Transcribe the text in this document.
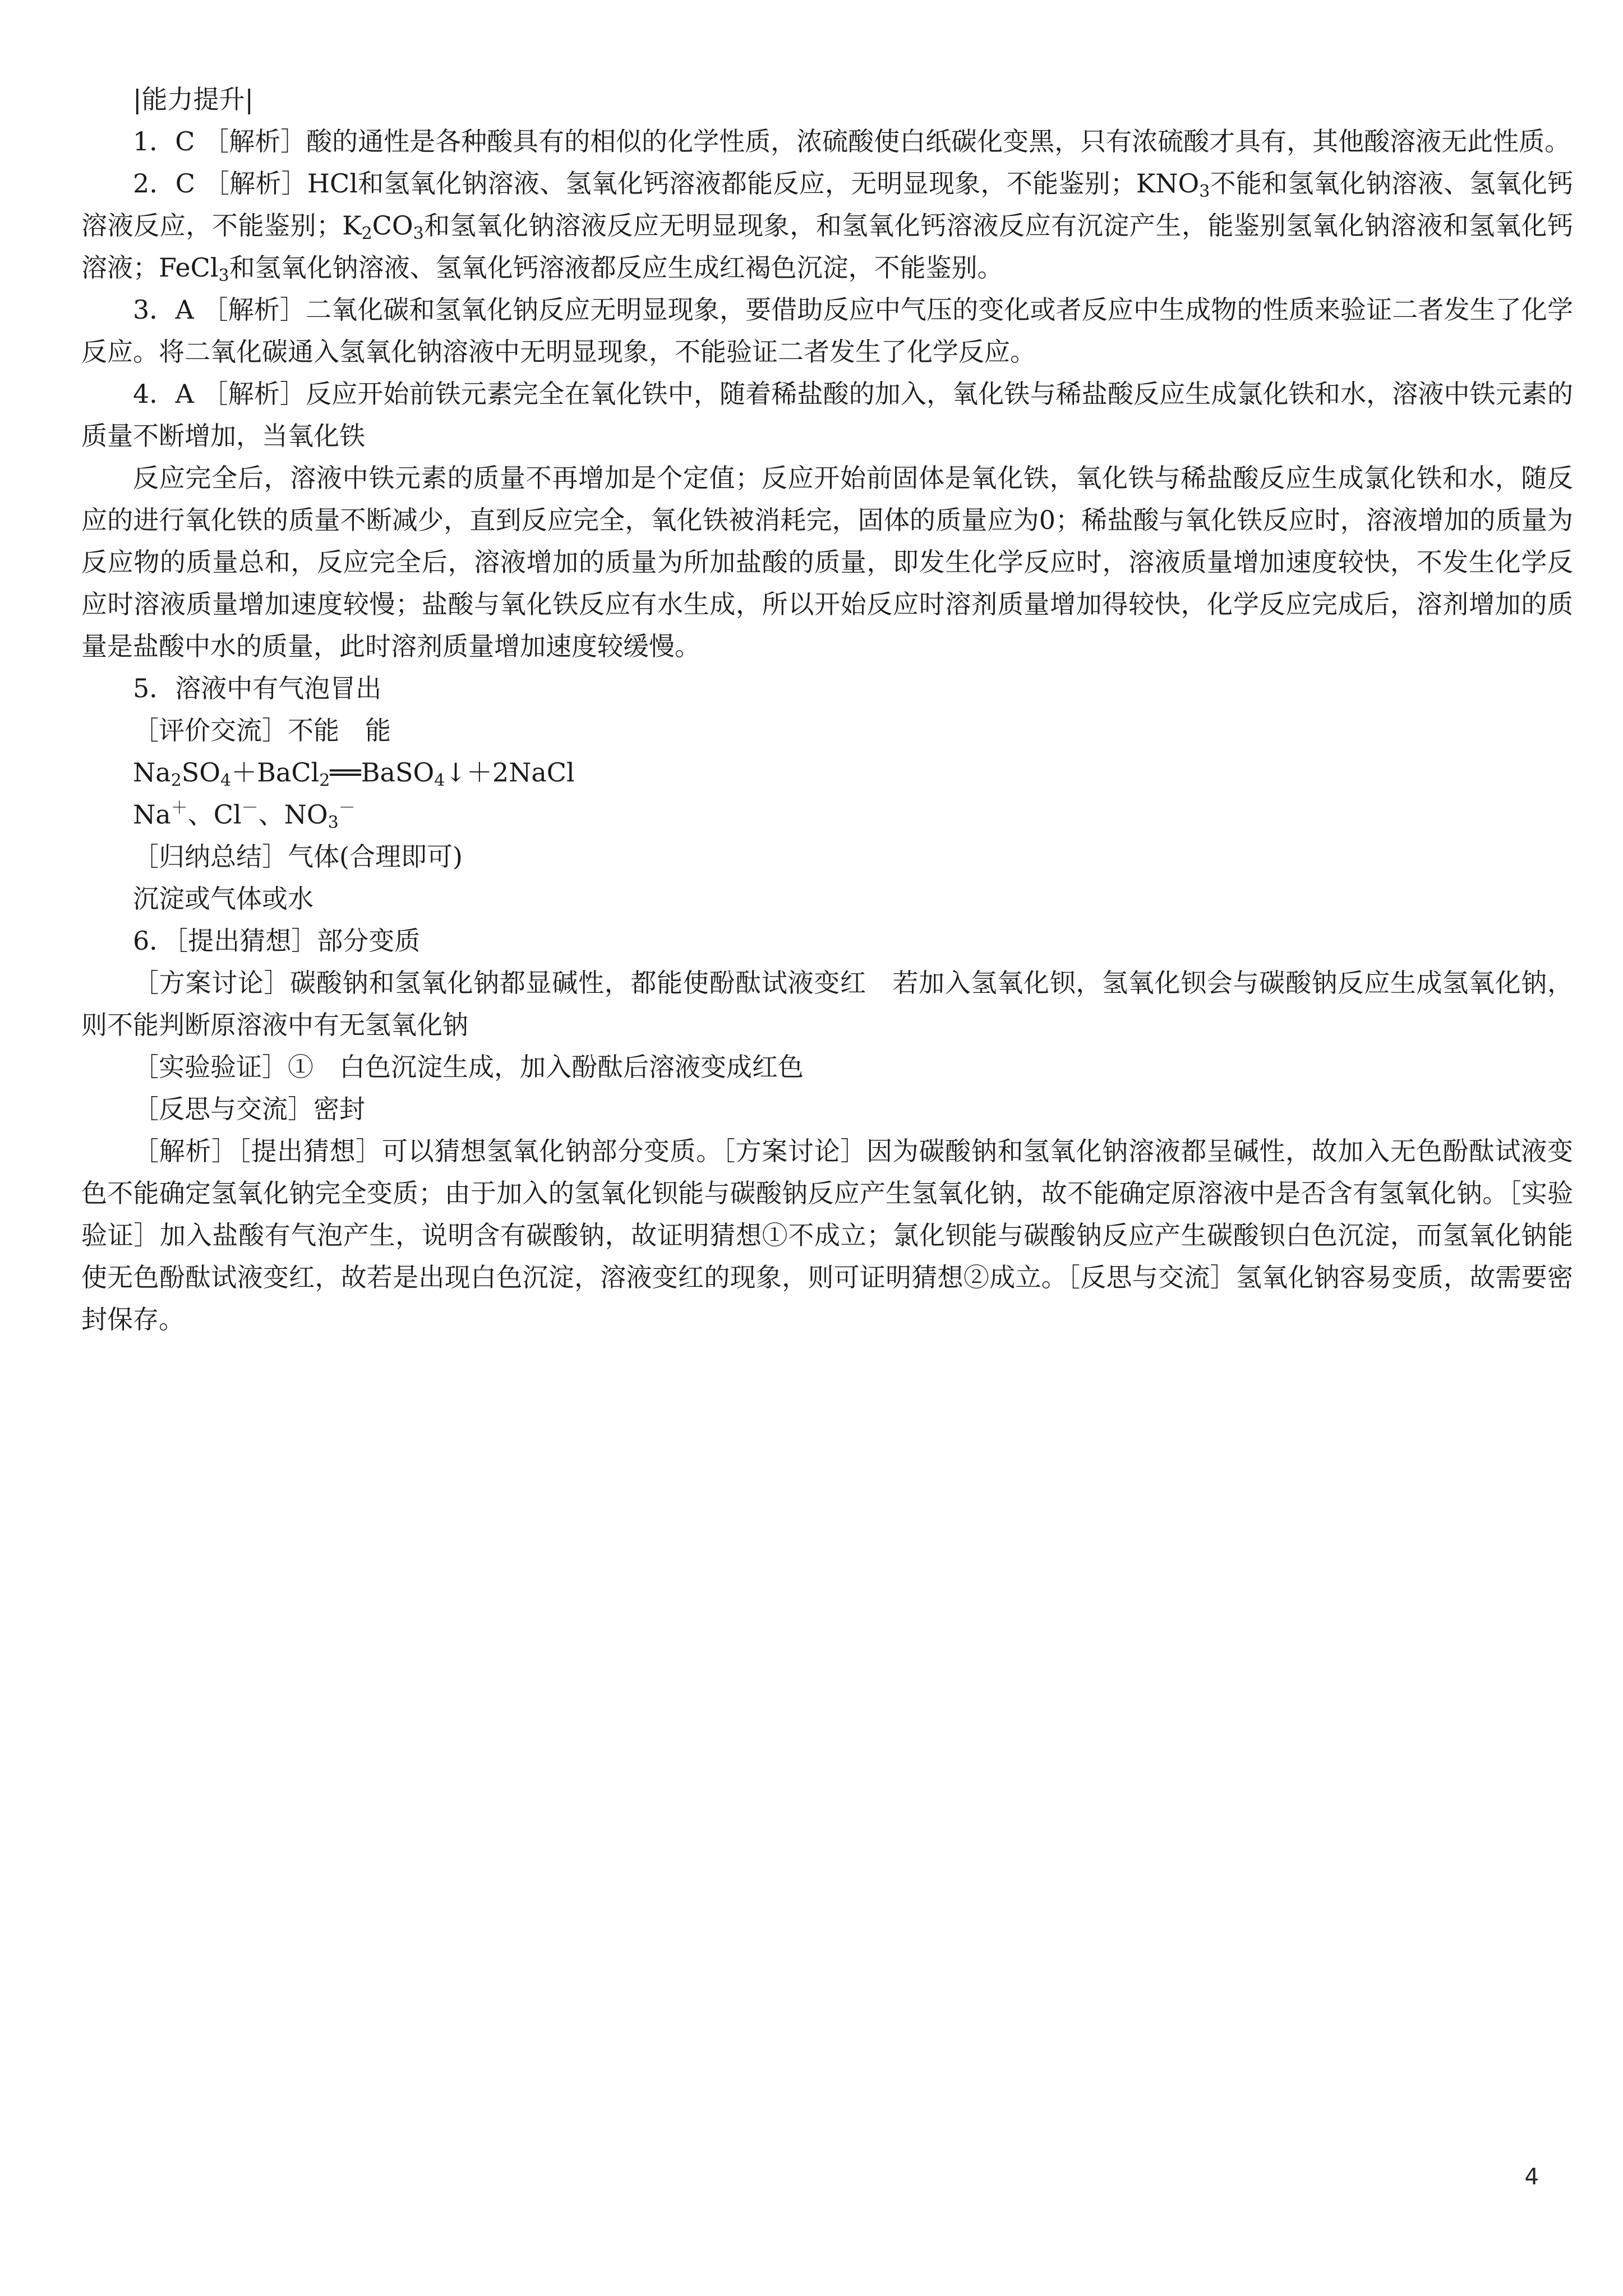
|能力提升|
1．C ［解析］酸的通性是各种酸具有的相似的化学性质，浓硫酸使白纸碳化变黑，只有浓硫酸才具有，其他酸溶液无此性质。
2．C ［解析］HCl和氢氧化钠溶液、氢氧化钙溶液都能反应，无明显现象，不能鉴别；$KNO_3$不能和氢氧化钠溶液、氢氧化钙溶液反应，不能鉴别；$K_2CO_3$和氢氧化钠溶液反应无明显现象，和氢氧化钙溶液反应有沉淀产生，能鉴别氢氧化钠溶液和氢氧化钙溶液；FeCl$_3$和氢氧化钠溶液、氢氧化钙溶液都反应生成红褐色沉淀，不能鉴别。
3．A ［解析］二氧化碳和氢氧化钠反应无明显现象，要借助反应中气压的变化或者反应中生成物的性质来验证二者发生了化学反应。将二氧化碳通入氢氧化钠溶液中无明显现象，不能验证二者发生了化学反应。
4．A ［解析］反应开始前铁元素完全在氧化铁中，随着稀盐酸的加入，氧化铁与稀盐酸反应生成氯化铁和水，溶液中铁元素的质量不断增加，当氧化铁
反应完全后，溶液中铁元素的质量不再增加是个定值；反应开始前固体是氧化铁，氧化铁与稀盐酸反应生成氯化铁和水，随反应的进行氧化铁的质量不断减少，直到反应完全，氧化铁被消耗完，固体的质量应为0；稀盐酸与氧化铁反应时，溶液增加的质量为反应物的质量总和，反应完全后，溶液增加的质量为所加盐酸的质量，即发生化学反应时，溶液质量增加速度较快，不发生化学反应时溶液质量增加速度较慢；盐酸与氧化铁反应有水生成，所以开始反应时溶剂质量增加得较快，化学反应完成后，溶剂增加的质量是盐酸中水的质量，此时溶剂质量增加速度较缓慢。
5．溶液中有气泡冒出
［评价交流］不能　能
$Na_2SO_4+BaCl_2══BaSO_4↓+2NaCl$
Na＋、Cl－、$NO_3^-$
［归纳总结］气体(合理即可)
沉淀或气体或水
6．［提出猜想］部分变质
［方案讨论］碳酸钠和氢氧化钠都显碱性，都能使酚酞试液变红　若加入氢氧化钡，氢氧化钡会与碳酸钠反应生成氢氧化钠，则不能判断原溶液中有无氢氧化钠
［实验验证］①　白色沉淀生成，加入酚酞后溶液变成红色
［反思与交流］密封
［解析］［提出猜想］可以猜想氢氧化钠部分变质。［方案讨论］因为碳酸钠和氢氧化钠溶液都呈碱性，故加入无色酚酞试液变色不能确定氢氧化钠完全变质；由于加入的氢氧化钡能与碳酸钠反应产生氢氧化钠，故不能确定原溶液中是否含有氢氧化钠。［实验验证］加入盐酸有气泡产生，说明含有碳酸钠，故证明猜想①不成立；氯化钡能与碳酸钠反应产生碳酸钡白色沉淀，而氢氧化钠能使无色酚酞试液变红，故若是出现白色沉淀，溶液变红的现象，则可证明猜想②成立。［反思与交流］氢氧化钠容易变质，故需要密封保存。
4
